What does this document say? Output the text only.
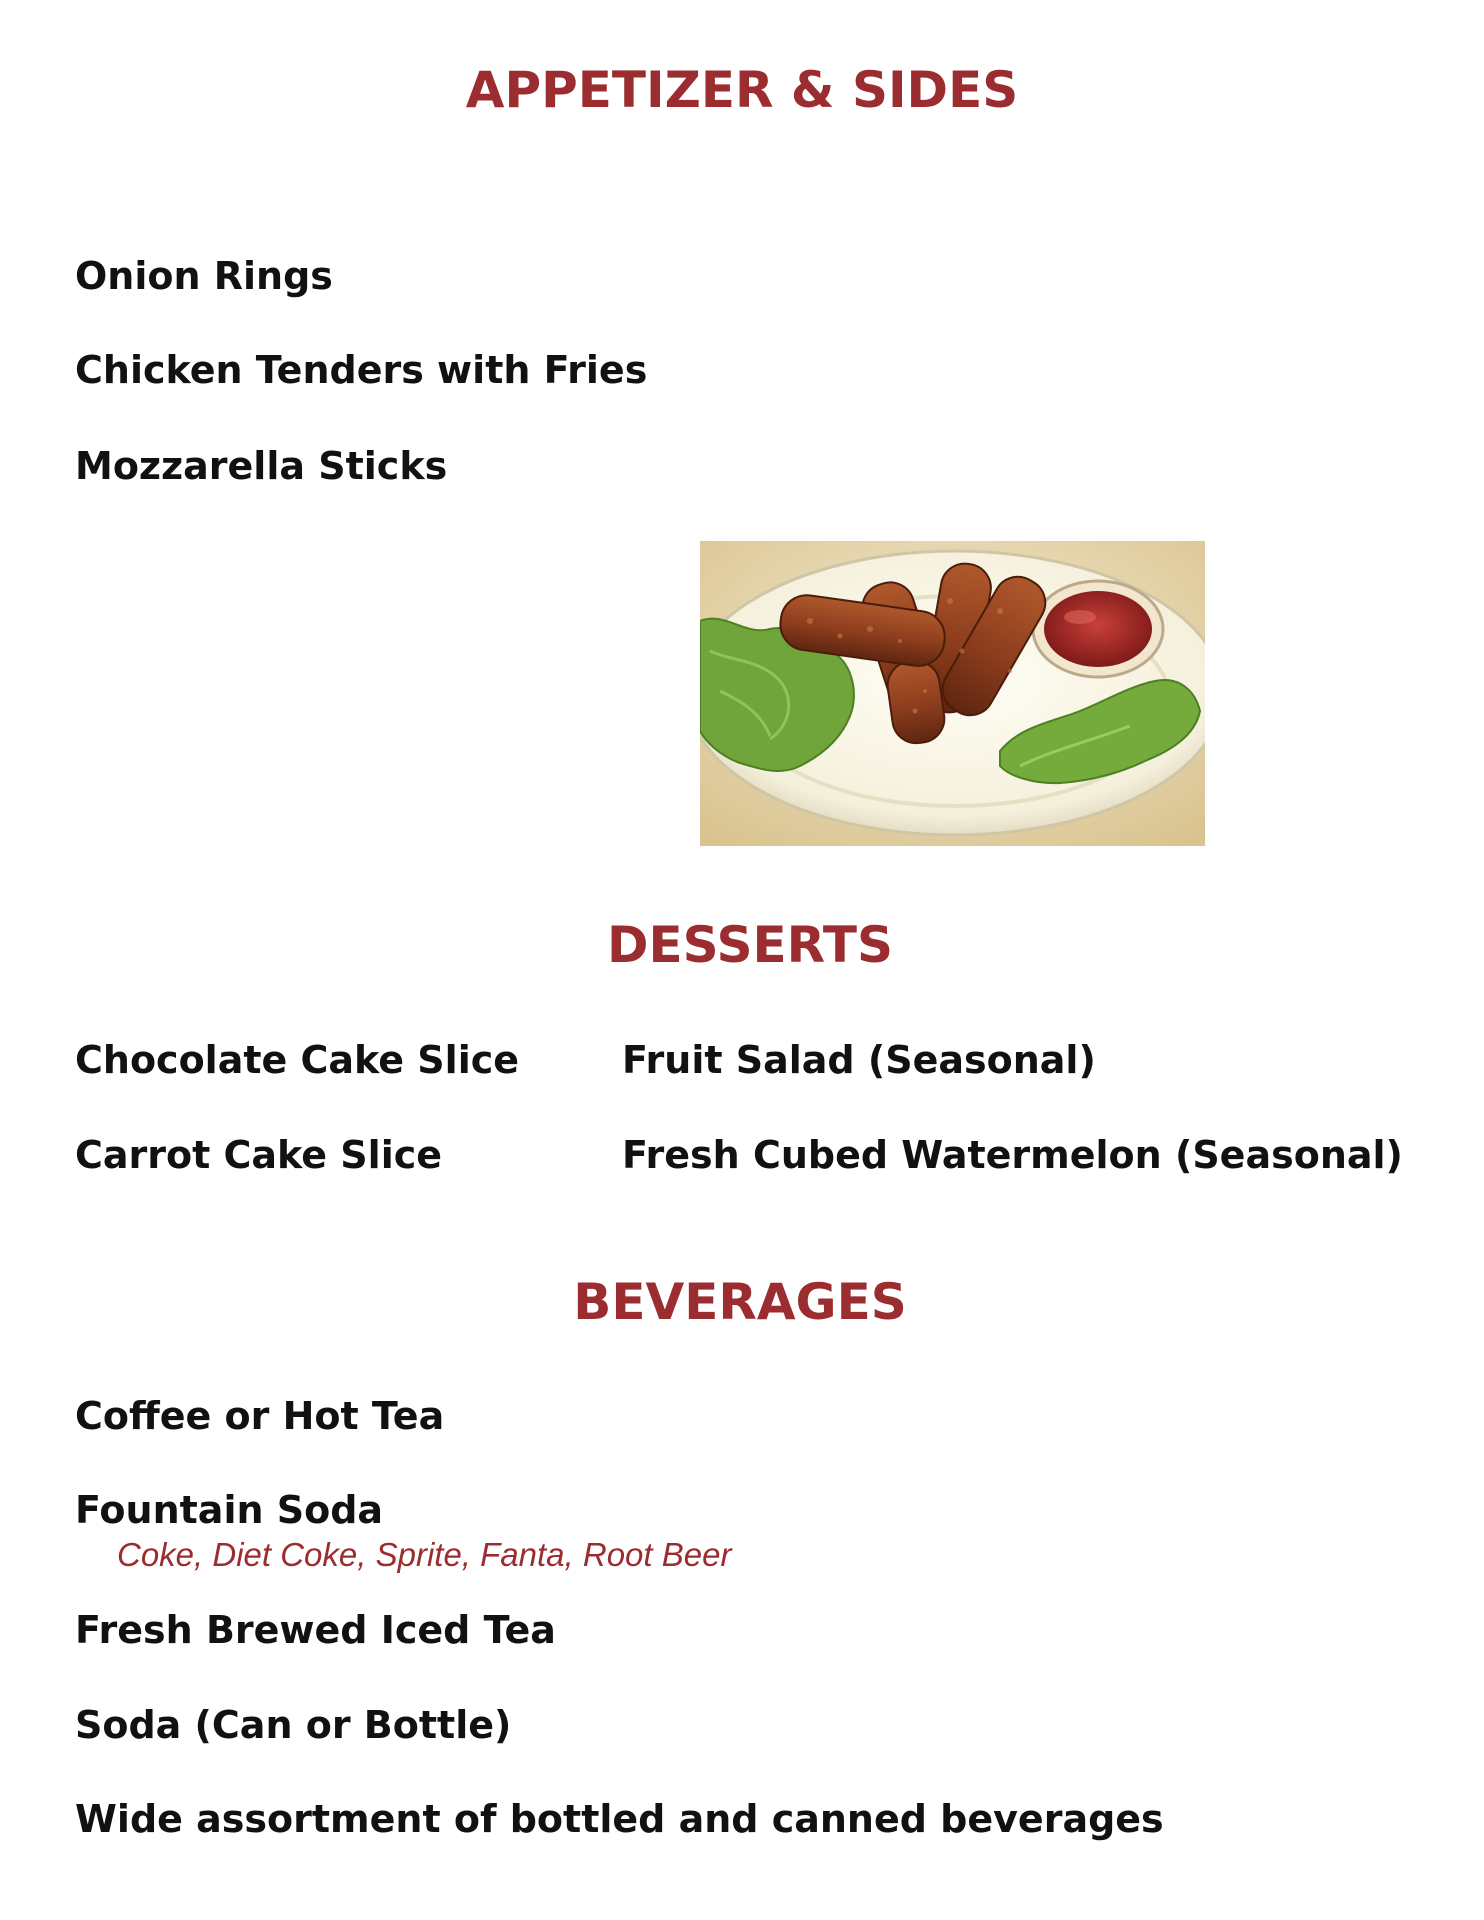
APPETIZER & SIDES
Onion Rings
Chicken Tenders with Fries
Mozzarella Sticks
DESSERTS
Chocolate Cake Slice
Carrot Cake Slice
Fruit Salad (Seasonal)
Fresh Cubed Watermelon (Seasonal)
BEVERAGES
Coffee or Hot Tea
Fountain Soda
Coke, Diet Coke, Sprite, Fanta, Root Beer
Fresh Brewed Iced Tea
Soda (Can or Bottle)
Wide assortment of bottled and canned beverages
